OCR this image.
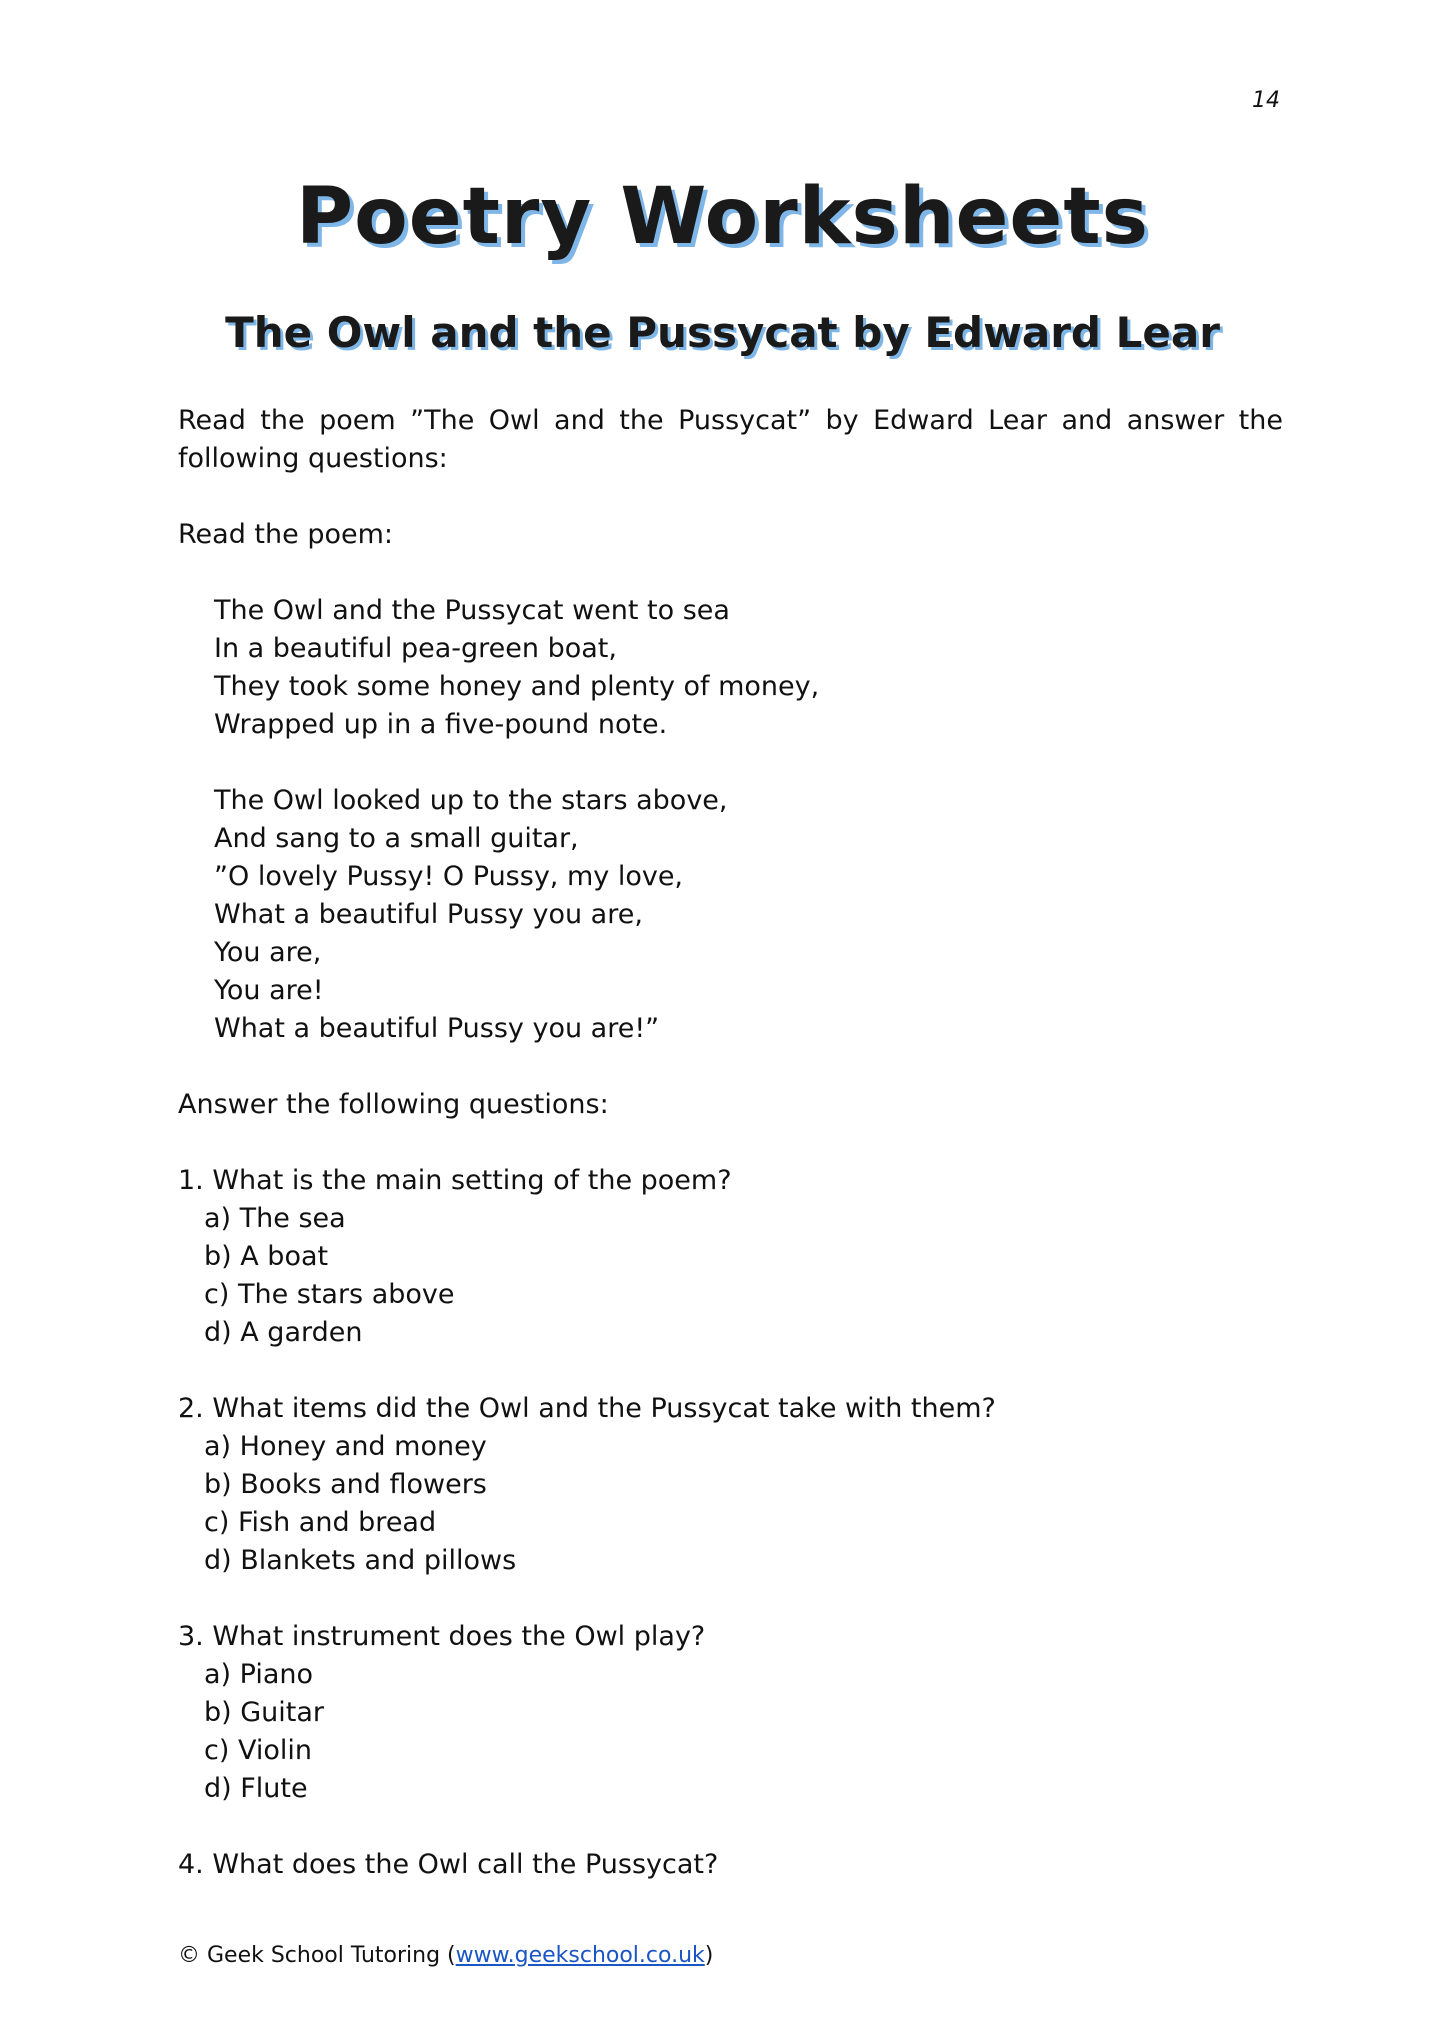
14
Poetry Worksheets
The Owl and the Pussycat by Edward Lear

Read the poem ”The Owl and the Pussycat” by Edward Lear and answer the following questions:

Read the poem:

The Owl and the Pussycat went to sea
In a beautiful pea-green boat,
They took some honey and plenty of money,
Wrapped up in a five-pound note.
The Owl looked up to the stars above,
And sang to a small guitar,
”O lovely Pussy! O Pussy, my love,
What a beautiful Pussy you are,
You are,
You are!
What a beautiful Pussy you are!”

Answer the following questions:

1. What is the main setting of the poem?

a) The sea
b) A boat
c) The stars above
d) A garden

2. What items did the Owl and the Pussycat take with them?

a) Honey and money
b) Books and flowers
c) Fish and bread
d) Blankets and pillows

3. What instrument does the Owl play?

a) Piano
b) Guitar
c) Violin
d) Flute

4. What does the Owl call the Pussycat?

© Geek School Tutoring (www.geekschool.co.uk)
